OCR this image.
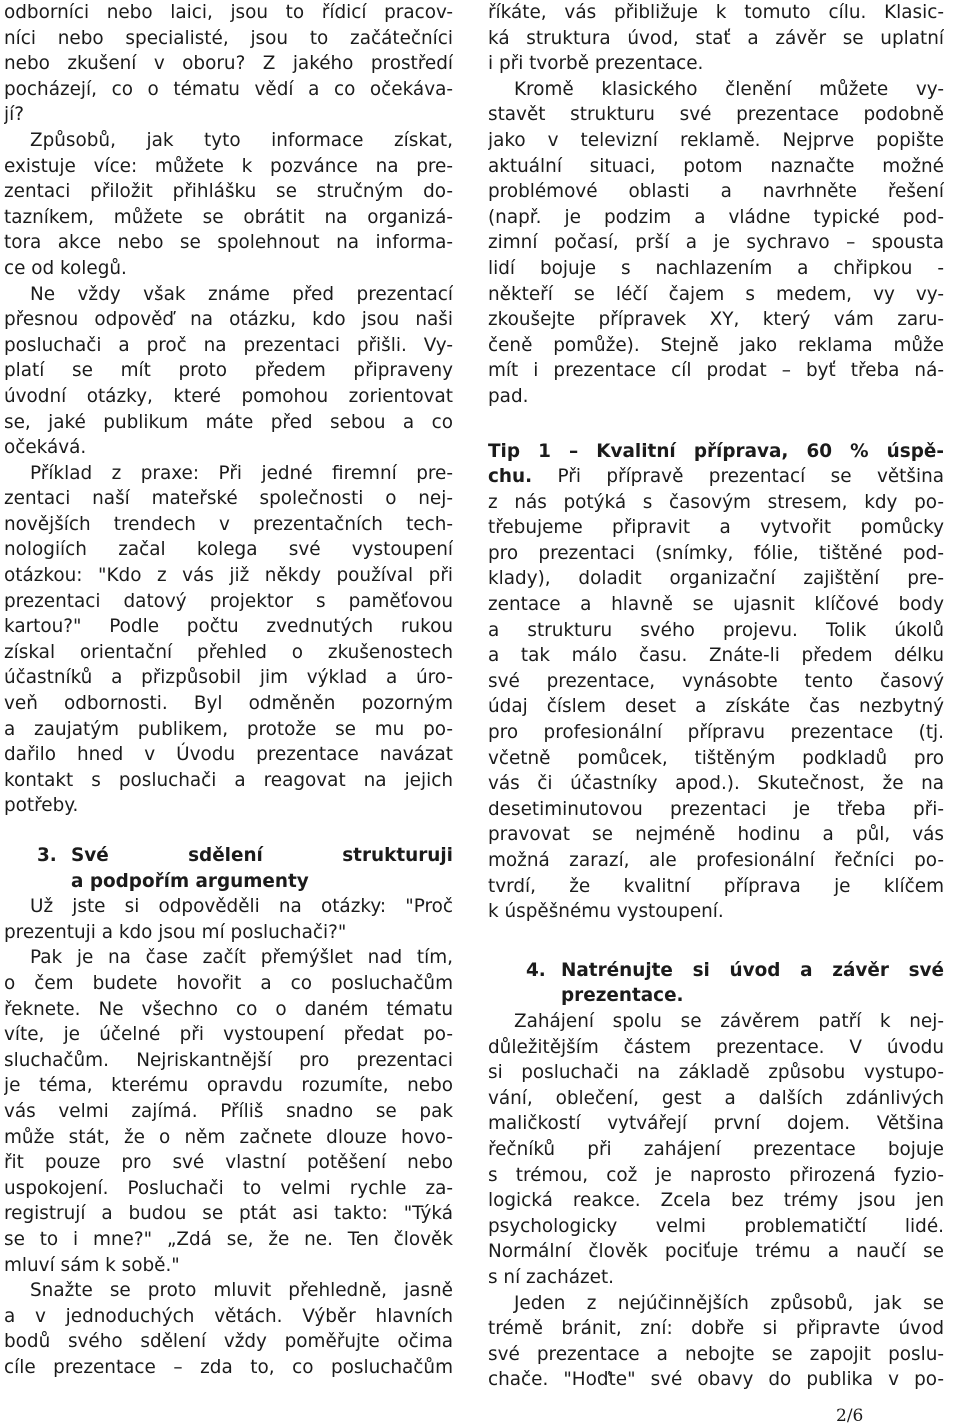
odborníci nebo laici, jsou to řídicí pracov-
níci nebo specialisté, jsou to začátečníci
nebo zkušení v oboru? Z jakého prostředí
pocházejí, co o tématu vědí a co očekáva-
jí?
Způsobů, jak tyto informace získat,
existuje více: můžete k pozvánce na pre-
zentaci přiložit přihlášku se stručným do-
tazníkem, můžete se obrátit na organizá-
tora akce nebo se spolehnout na informa-
ce od kolegů.
Ne vždy však známe před prezentací
přesnou odpověď na otázku, kdo jsou naši
posluchači a proč na prezentaci přišli. Vy-
platí se mít proto předem připraveny
úvodní otázky, které pomohou zorientovat
se, jaké publikum máte před sebou a co
očekává.
Příklad z praxe: Při jedné firemní pre-
zentaci naší mateřské společnosti o nej-
novějších trendech v prezentačních tech-
nologiích začal kolega své vystoupení
otázkou: "Kdo z vás již někdy používal při
prezentaci datový projektor s paměťovou
kartou?" Podle počtu zvednutých rukou
získal orientační přehled o zkušenostech
účastníků a přizpůsobil jim výklad a úro-
veň odbornosti. Byl odměněn pozorným
a zaujatým publikem, protože se mu po-
dařilo hned v Úvodu prezentace navázat
kontakt s posluchači a reagovat na jejich
potřeby.
3. Své sdělení strukturuji
a podpořím argumenty
Už jste si odpověděli na otázky: "Proč
prezentuji a kdo jsou mí posluchači?"
Pak je na čase začít přemýšlet nad tím,
o čem budete hovořit a co posluchačům
řeknete. Ne všechno co o daném tématu
víte, je účelné při vystoupení předat po-
sluchačům. Nejriskantnější pro prezentaci
je téma, kterému opravdu rozumíte, nebo
vás velmi zajímá. Příliš snadno se pak
může stát, že o něm začnete dlouze hovo-
řit pouze pro své vlastní potěšení nebo
uspokojení. Posluchači to velmi rychle za-
registrují a budou se ptát asi takto: "Týká
se to i mne?" „Zdá se, že ne. Ten člověk
mluví sám k sobě."
Snažte se proto mluvit přehledně, jasně
a v jednoduchých větách. Výběr hlavních
bodů svého sdělení vždy poměřujte očima
cíle prezentace – zda to, co posluchačům
říkáte, vás přibližuje k tomuto cílu. Klasic-
ká struktura úvod, stať a závěr se uplatní
i při tvorbě prezentace.
Kromě klasického členění můžete vy-
stavět strukturu své prezentace podobně
jako v televizní reklamě. Nejprve popište
aktuální situaci, potom naznačte možné
problémové oblasti a navrhněte řešení
(např. je podzim a vládne typické pod-
zimní počasí, prší a je sychravo – spousta
lidí bojuje s nachlazením a chřipkou -
někteří se léčí čajem s medem, vy vy-
zkoušejte přípravek XY, který vám zaru-
čeně pomůže). Stejně jako reklama může
mít i prezentace cíl prodat – byť třeba ná-
pad.
Tip 1 – Kvalitní příprava, 60 % úspě-
chu. Při přípravě prezentací se většina
z nás potýká s časovým stresem, kdy po-
třebujeme připravit a vytvořit pomůcky
pro prezentaci (snímky, fólie, tištěné pod-
klady), doladit organizační zajištění pre-
zentace a hlavně se ujasnit klíčové body
a strukturu svého projevu. Tolik úkolů
a tak málo času. Znáte-li předem délku
své prezentace, vynásobte tento časový
údaj číslem deset a získáte čas nezbytný
pro profesionální přípravu prezentace (tj.
včetně pomůcek, tištěným podkladů pro
vás či účastníky apod.). Skutečnost, že na
desetiminutovou prezentaci je třeba při-
pravovat se nejméně hodinu a půl, vás
možná zarazí, ale profesionální řečníci po-
tvrdí, že kvalitní příprava je klíčem
k úspěšnému vystoupení.
4. Natrénujte si úvod a závěr své
prezentace.
Zahájení spolu se závěrem patří k nej-
důležitějším částem prezentace. V úvodu
si posluchači na základě způsobu vystupo-
vání, oblečení, gest a dalších zdánlivých
maličkostí vytvářejí první dojem. Většina
řečníků při zahájení prezentace bojuje
s trémou, což je naprosto přirozená fyzio-
logická reakce. Zcela bez trémy jsou jen
psychologicky velmi problematičtí lidé.
Normální člověk pociťuje trému a naučí se
s ní zacházet.
Jeden z nejúčinnějších způsobů, jak se
trémě bránit, zní: dobře si připravte úvod
své prezentace a nebojte se zapojit poslu-
chače. "Hoďte" své obavy do publika v po-
2/6
